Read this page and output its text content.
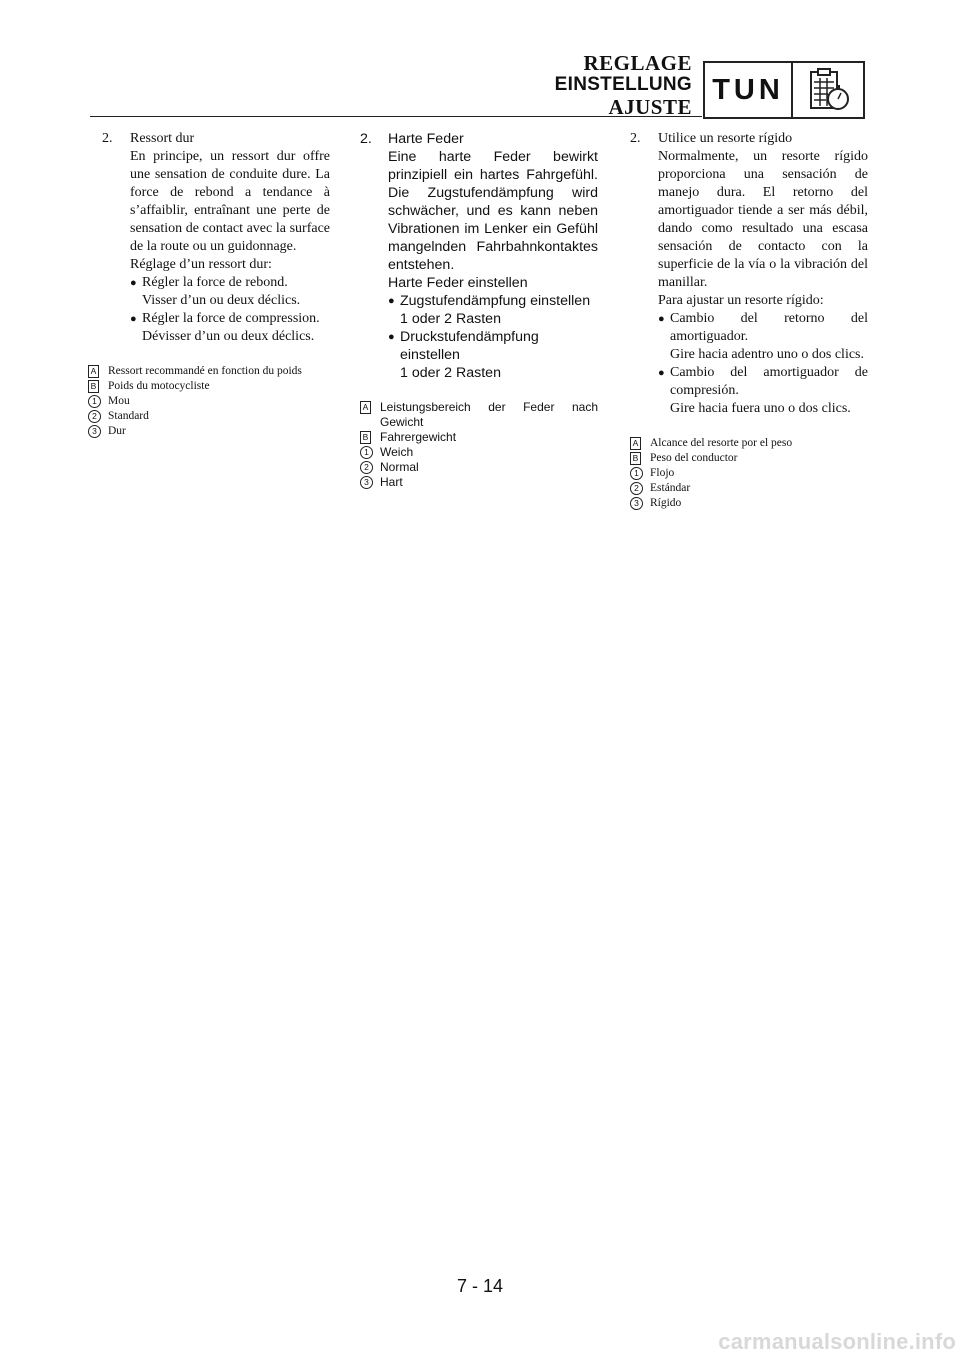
REGLAGE
EINSTELLUNG
AJUSTE
TUN
2.	Ressort dur
En principe, un ressort dur offre une sensation de conduite dure. La force de rebond a tendance à s’affaiblir, entraînant une perte de sensation de contact avec la surface de la route ou un guidonnage.
Réglage d’un ressort dur:
● Régler la force de rebond.
Visser d’un ou deux déclics.
● Régler la force de compression.
Dévisser d’un ou deux déclics.
A	Ressort recommandé en fonction du poids
B	Poids du motocycliste
1 Mou
2 Standard
3 Dur
2.	Harte Feder
Eine harte Feder bewirkt prinzipiell ein hartes Fahrgefühl. Die Zugstufendämpfung wird schwächer, und es kann neben Vibrationen im Lenker ein Gefühl mangelnden Fahrbahnkontaktes entstehen.
Harte Feder einstellen
● Zugstufendämpfung einstellen
1 oder 2 Rasten
● Druckstufendämpfung einstellen
1 oder 2 Rasten
A Leistungsbereich der Feder nach Gewicht
B Fahrergewicht
1 Weich
2 Normal
3 Hart
2.	Utilice un resorte rígido
Normalmente, un resorte rígido proporciona una sensación de manejo dura. El retorno del amortiguador tiende a ser más débil, dando como resultado una escasa sensación de contacto con la superficie de la vía o la vibración del manillar.
Para ajustar un resorte rígido:
● Cambio del retorno del amortiguador.
Gire hacia adentro uno o dos clics.
● Cambio del amortiguador de compresión.
Gire hacia fuera uno o dos clics.
A	Alcance del resorte por el peso
B	Peso del conductor
1 Flojo
2 Estándar
3 Rígido
7 - 14
carmanualsonline.info
